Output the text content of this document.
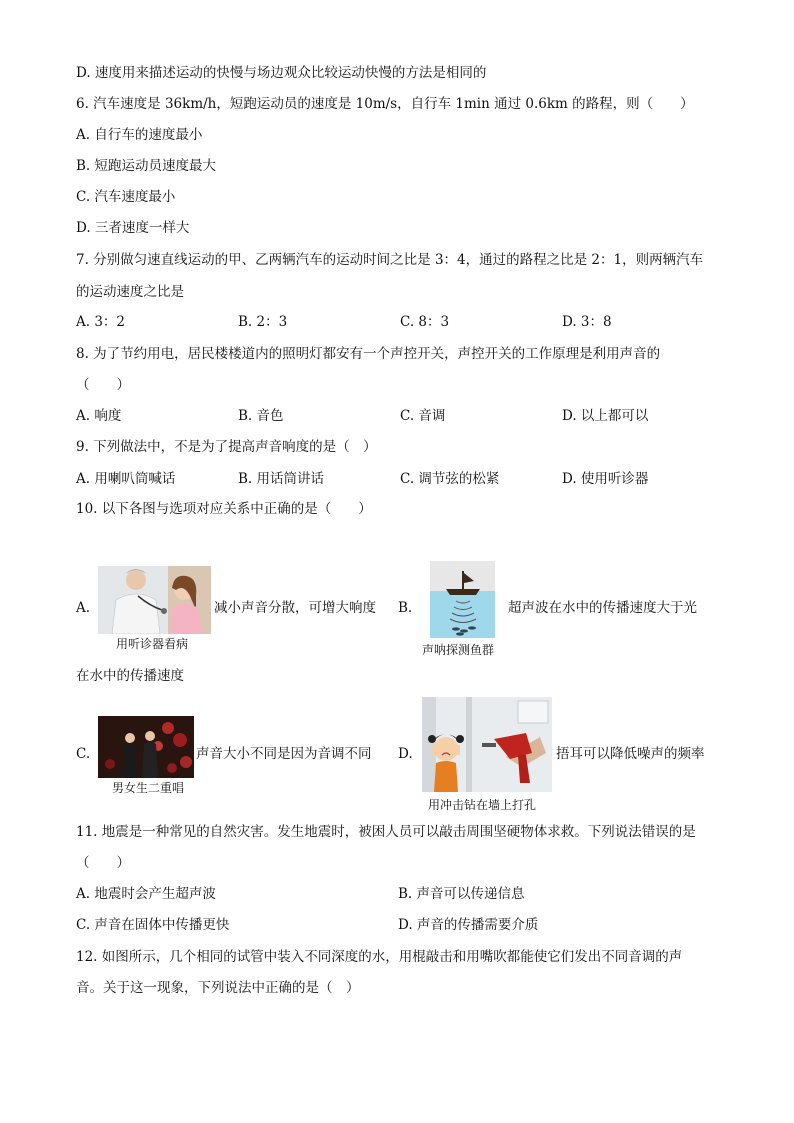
D. 速度用来描述运动的快慢与场边观众比较运动快慢的方法是相同的
6. 汽车速度是 36km/h，短跑运动员的速度是 10m/s，自行车 1min 通过 0.6km 的路程，则（　　）
A. 自行车的速度最小
B. 短跑运动员速度最大
C. 汽车速度最小
D. 三者速度一样大
7. 分别做匀速直线运动的甲、乙两辆汽车的运动时间之比是 3：4，通过的路程之比是 2：1，则两辆汽车
的运动速度之比是
A. 3：2	B. 2：3	C. 8：3	D. 3：8
8. 为了节约用电，居民楼楼道内的照明灯都安有一个声控开关，声控开关的工作原理是利用声音的
（　　）
A. 响度	B. 音色	C. 音调	D. 以上都可以
9. 下列做法中，不是为了提高声音响度的是（　）
A. 用喇叭筒喊话	B. 用话筒讲话	C. 调节弦的松紧	D. 使用听诊器
10. 以下各图与选项对应关系中正确的是（　　）
A.	减小声音分散，可增大响度
用听诊器看病
B.	超声波在水中的传播速度大于光
声呐探测鱼群
在水中的传播速度
C.	声音大小不同是因为音调不同
男女生二重唱
D.	捂耳可以降低噪声的频率
用冲击钻在墙上打孔
11. 地震是一种常见的自然灾害。发生地震时，被困人员可以敲击周围坚硬物体求救。下列说法错误的是
（　　）
A. 地震时会产生超声波	B. 声音可以传递信息
C. 声音在固体中传播更快	D. 声音的传播需要介质
12. 如图所示，几个相同的试管中装入不同深度的水，用棍敲击和用嘴吹都能使它们发出不同音调的声
音。关于这一现象，下列说法中正确的是（　）
